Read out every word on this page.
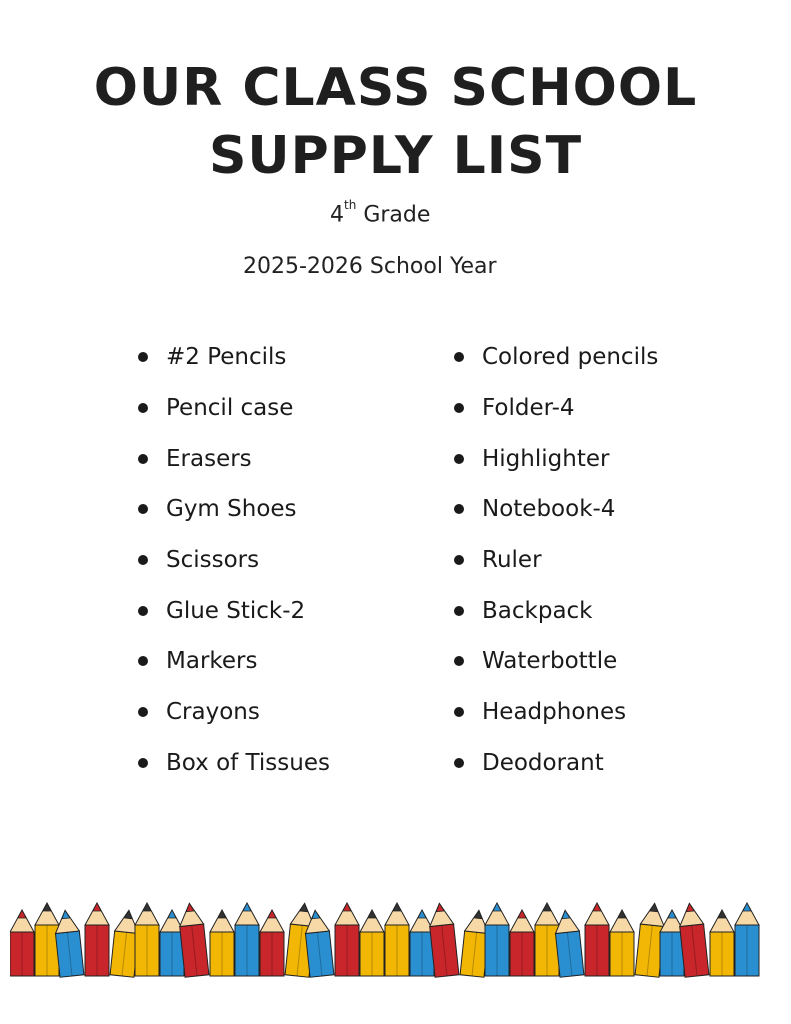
OUR CLASS SCHOOL
SUPPLY LIST
4th Grade
2025-2026 School Year
#2 Pencils
Pencil case
Erasers
Gym Shoes
Scissors
Glue Stick-2
Markers
Crayons
Box of Tissues
Colored pencils
Folder-4
Highlighter
Notebook-4
Ruler
Backpack
Waterbottle
Headphones
Deodorant
